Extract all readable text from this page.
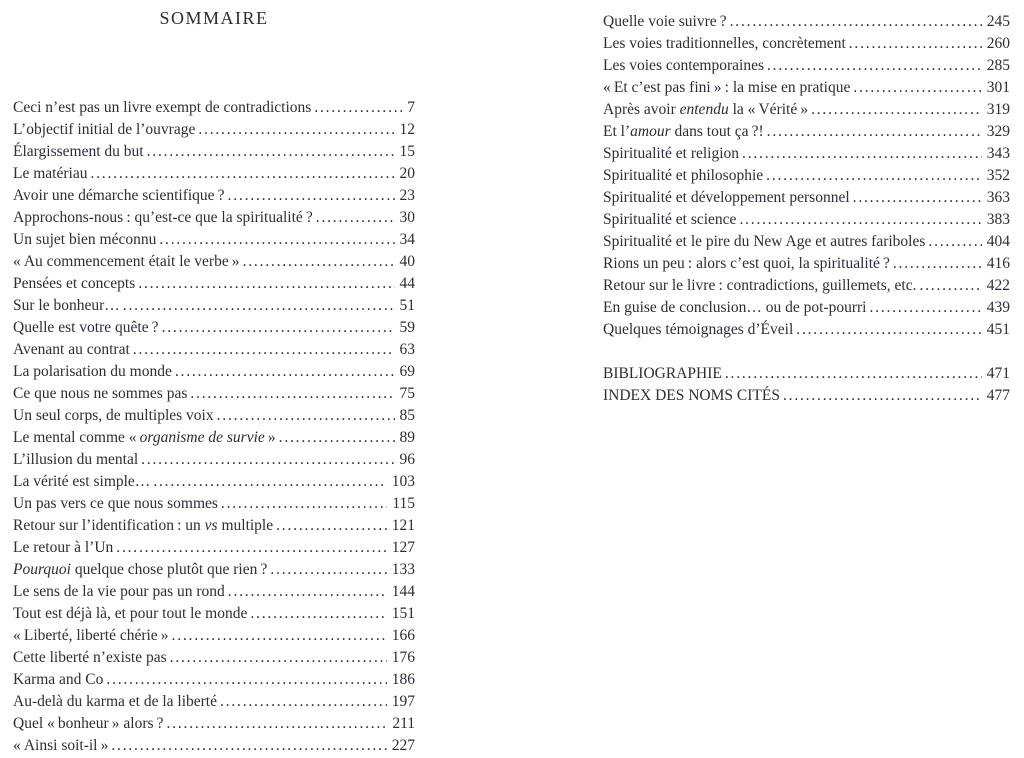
SOMMAIRE
Ceci n’est pas un livre exempt de contradictions .....	7
L’objectif initial de l’ouvrage .....	12
Élargissement du but .....	15
Le matériau .....	20
Avoir une démarche scientifique ? .....	23
Approchons-nous : qu’est-ce que la spiritualité ? .....	30
Un sujet bien méconnu .....	34
« Au commencement était le verbe » .....	40
Pensées et concepts .....	44
Sur le bonheur… .....	51
Quelle est votre quête ? .....	59
Avenant au contrat .....	63
La polarisation du monde .....	69
Ce que nous ne sommes pas .....	75
Un seul corps, de multiples voix .....	85
Le mental comme « organisme de survie » .....	89
L’illusion du mental .....	96
La vérité est simple… .....	103
Un pas vers ce que nous sommes .....	115
Retour sur l’identification : un vs multiple .....	121
Le retour à l’Un .....	127
Pourquoi quelque chose plutôt que rien ? .....	133
Le sens de la vie pour pas un rond .....	144
Tout est déjà là, et pour tout le monde .....	151
« Liberté, liberté chérie » .....	166
Cette liberté n’existe pas .....	176
Karma and Co .....	186
Au-delà du karma et de la liberté .....	197
Quel « bonheur » alors ? .....	211
« Ainsi soit-il » .....	227
Quelle voie suivre ? .....	245
Les voies traditionnelles, concrètement .....	260
Les voies contemporaines .....	285
« Et c’est pas fini » : la mise en pratique .....	301
Après avoir entendu la « Vérité » .....	319
Et l’amour dans tout ça ?! .....	329
Spiritualité et religion .....	343
Spiritualité et philosophie .....	352
Spiritualité et développement personnel .....	363
Spiritualité et science .....	383
Spiritualité et le pire du New Age et autres fariboles .....	404
Rions un peu : alors c’est quoi, la spiritualité ? .....	416
Retour sur le livre : contradictions, guillemets, etc. .....	422
En guise de conclusion… ou de pot-pourri .....	439
Quelques témoignages d’Éveil .....	451
BIBLIOGRAPHIE .....	471
INDEX DES NOMS CITÉS .....	477
